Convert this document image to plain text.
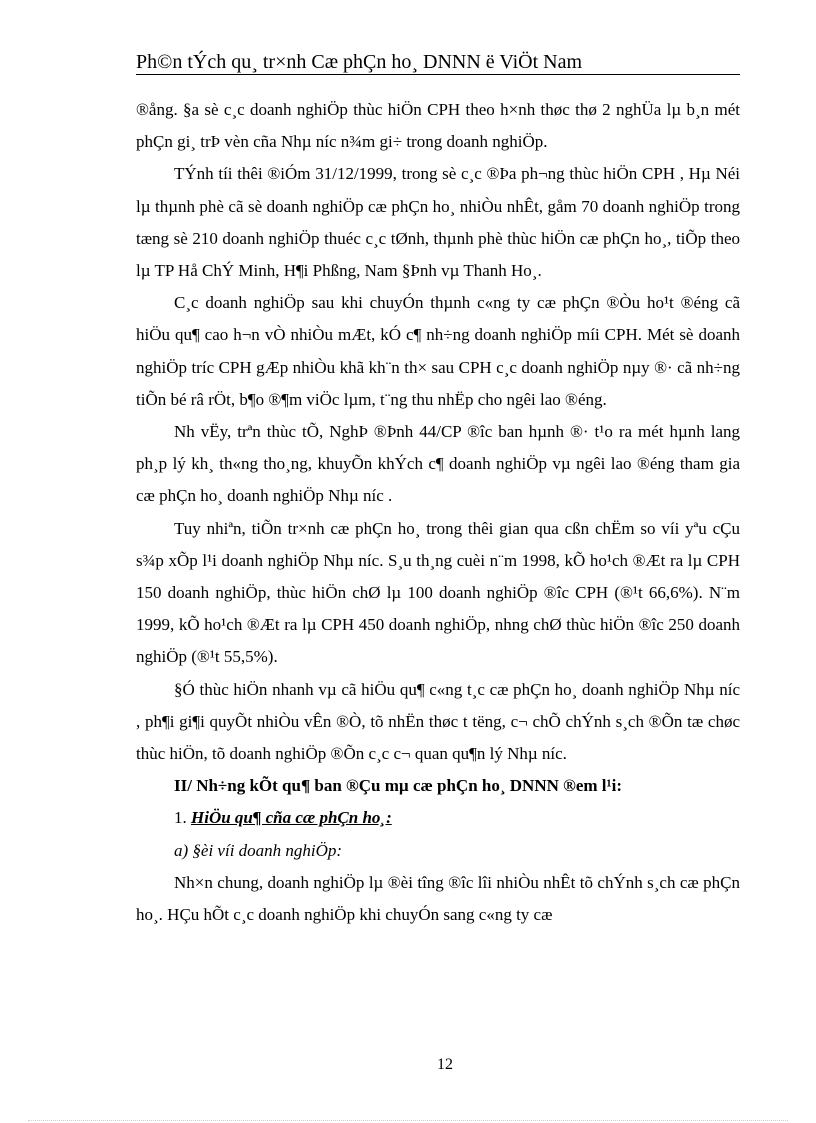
Ph©n tÝch qu¸ tr×nh Cæ phÇn ho¸ DNNN ë ViÖt Nam

®ång. §a sè c¸c doanh nghiÖp thùc hiÖn CPH theo h×nh thøc thø 2 nghÜa lµ b¸n mét phÇn gi¸ trÞ vèn cña Nhµ níc n¾m gi÷ trong doanh nghiÖp.

TÝnh tíi thêi ®iÓm 31/12/1999, trong sè c¸c ®Þa ph¬ng thùc hiÖn CPH , Hµ Néi lµ thµnh phè cã sè doanh nghiÖp cæ phÇn ho¸ nhiÒu nhÊt, gåm 70 doanh nghiÖp trong tæng sè 210 doanh nghiÖp thuéc c¸c tØnh, thµnh phè thùc hiÖn cæ phÇn ho¸, tiÕp theo lµ TP Hå ChÝ Minh, H¶i Phßng, Nam §Þnh vµ Thanh Ho¸.

C¸c doanh nghiÖp sau khi chuyÓn thµnh c«ng ty cæ phÇn ®Òu ho¹t ®éng cã hiÖu qu¶ cao h¬n vÒ nhiÒu mÆt, kÓ c¶ nh÷ng doanh nghiÖp míi CPH. Mét sè doanh nghiÖp tríc CPH gÆp nhiÒu khã kh¨n th× sau CPH c¸c doanh nghiÖp nµy ®· cã nh÷ng tiÕn bé râ rÖt, b¶o ®¶m viÖc lµm, t¨ng thu nhËp cho ngêi lao ®éng.

Nh vËy, trªn thùc tÕ, NghÞ ®Þnh 44/CP ®îc ban hµnh ®· t¹o ra mét hµnh lang ph¸p lý kh¸ th«ng tho¸ng, khuyÕn khÝch c¶ doanh nghiÖp vµ ngêi lao ®éng tham gia cæ phÇn ho¸ doanh nghiÖp Nhµ níc .

Tuy nhiªn, tiÕn tr×nh cæ phÇn ho¸ trong thêi gian qua cßn chËm so víi yªu cÇu s¾p xÕp l¹i doanh nghiÖp Nhµ níc. S¸u th¸ng cuèi n¨m 1998, kÕ ho¹ch ®Æt ra lµ CPH 150 doanh nghiÖp, thùc hiÖn chØ lµ 100 doanh nghiÖp ®îc CPH (®¹t 66,6%). N¨m 1999, kÕ ho¹ch ®Æt ra lµ CPH 450 doanh nghiÖp, nhng chØ thùc hiÖn ®îc 250 doanh nghiÖp (®¹t 55,5%).

§Ó thùc hiÖn nhanh vµ cã hiÖu qu¶ c«ng t¸c cæ phÇn ho¸ doanh nghiÖp Nhµ níc , ph¶i gi¶i quyÕt nhiÒu vÊn ®Ò, tõ nhËn thøc t tëng, c¬ chÕ chÝnh s¸ch ®Õn tæ chøc thùc hiÖn, tõ doanh nghiÖp ®Õn c¸c c¬ quan qu¶n lý Nhµ níc.

II/ Nh÷ng kÕt qu¶ ban ®Çu mµ cæ phÇn ho¸ DNNN ®em l¹i:

1. HiÖu qu¶ cña cæ phÇn ho¸:

a) §èi víi doanh nghiÖp:

Nh×n chung, doanh nghiÖp lµ ®èi tîng ®îc lîi nhiÒu nhÊt tõ chÝnh s¸ch cæ phÇn ho¸. HÇu hÕt c¸c doanh nghiÖp khi chuyÓn sang c«ng ty cæ

12
